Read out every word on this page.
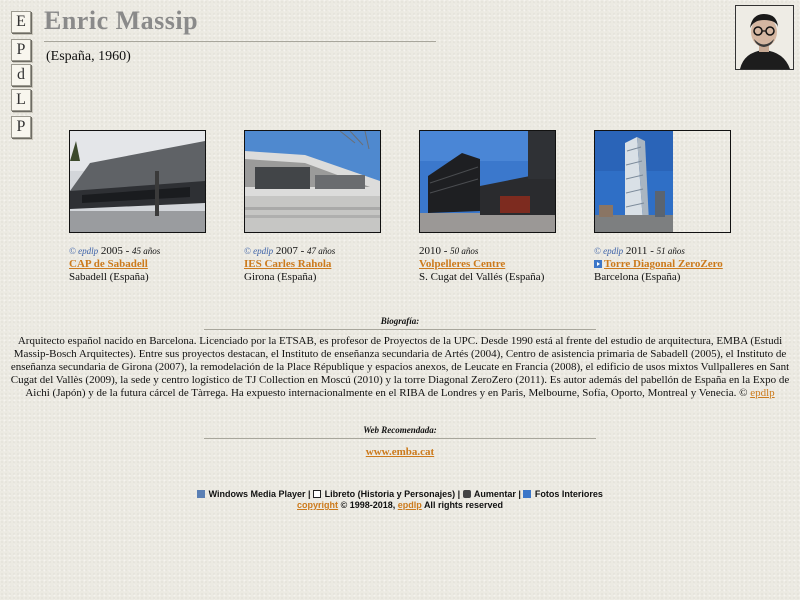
E
P
d
L
P
Enric Massip
(España, 1960)
© epdlp 2005 - 45 años
CAP de Sabadell
Sabadell (España)
© epdlp 2007 - 47 años
IES Carles Rahola
Girona (España)
2010 - 50 años
Volpelleres Centre
S. Cugat del Vallés (España)
© epdlp 2011 - 51 años
Torre Diagonal ZeroZero
Barcelona (España)
Biografía:
Arquitecto español nacido en Barcelona. Licenciado por la ETSAB, es profesor de Proyectos de la UPC. Desde 1990 está al frente del estudio de arquitectura, EMBA (Estudi Massip-Bosch Arquitectes). Entre sus proyectos destacan, el Instituto de enseñanza secundaria de Artés (2004), Centro de asistencia primaria de Sabadell (2005), el Instituto de enseñanza secundaria de Girona (2007), la remodelación de la Place République y espacios anexos, de Leucate en Francia (2008), el edificio de usos mixtos Vullpalleres en Sant Cugat del Vallès (2009), la sede y centro logístico de TJ Collection en Moscú (2010) y la torre Diagonal ZeroZero (2011). Es autor además del pabellón de España en la Expo de Aichi (Japón) y de la futura cárcel de Tàrrega. Ha expuesto internacionalmente en el RIBA de Londres y en Paris, Melbourne, Sofía, Oporto, Montreal y Venecia. © epdlp
Web Recomendada:
www.emba.cat
Windows Media Player |  Libreto (Historia y Personajes) |  Aumentar |  Fotos Interiores
copyright © 1998-2018, epdlp All rights reserved
